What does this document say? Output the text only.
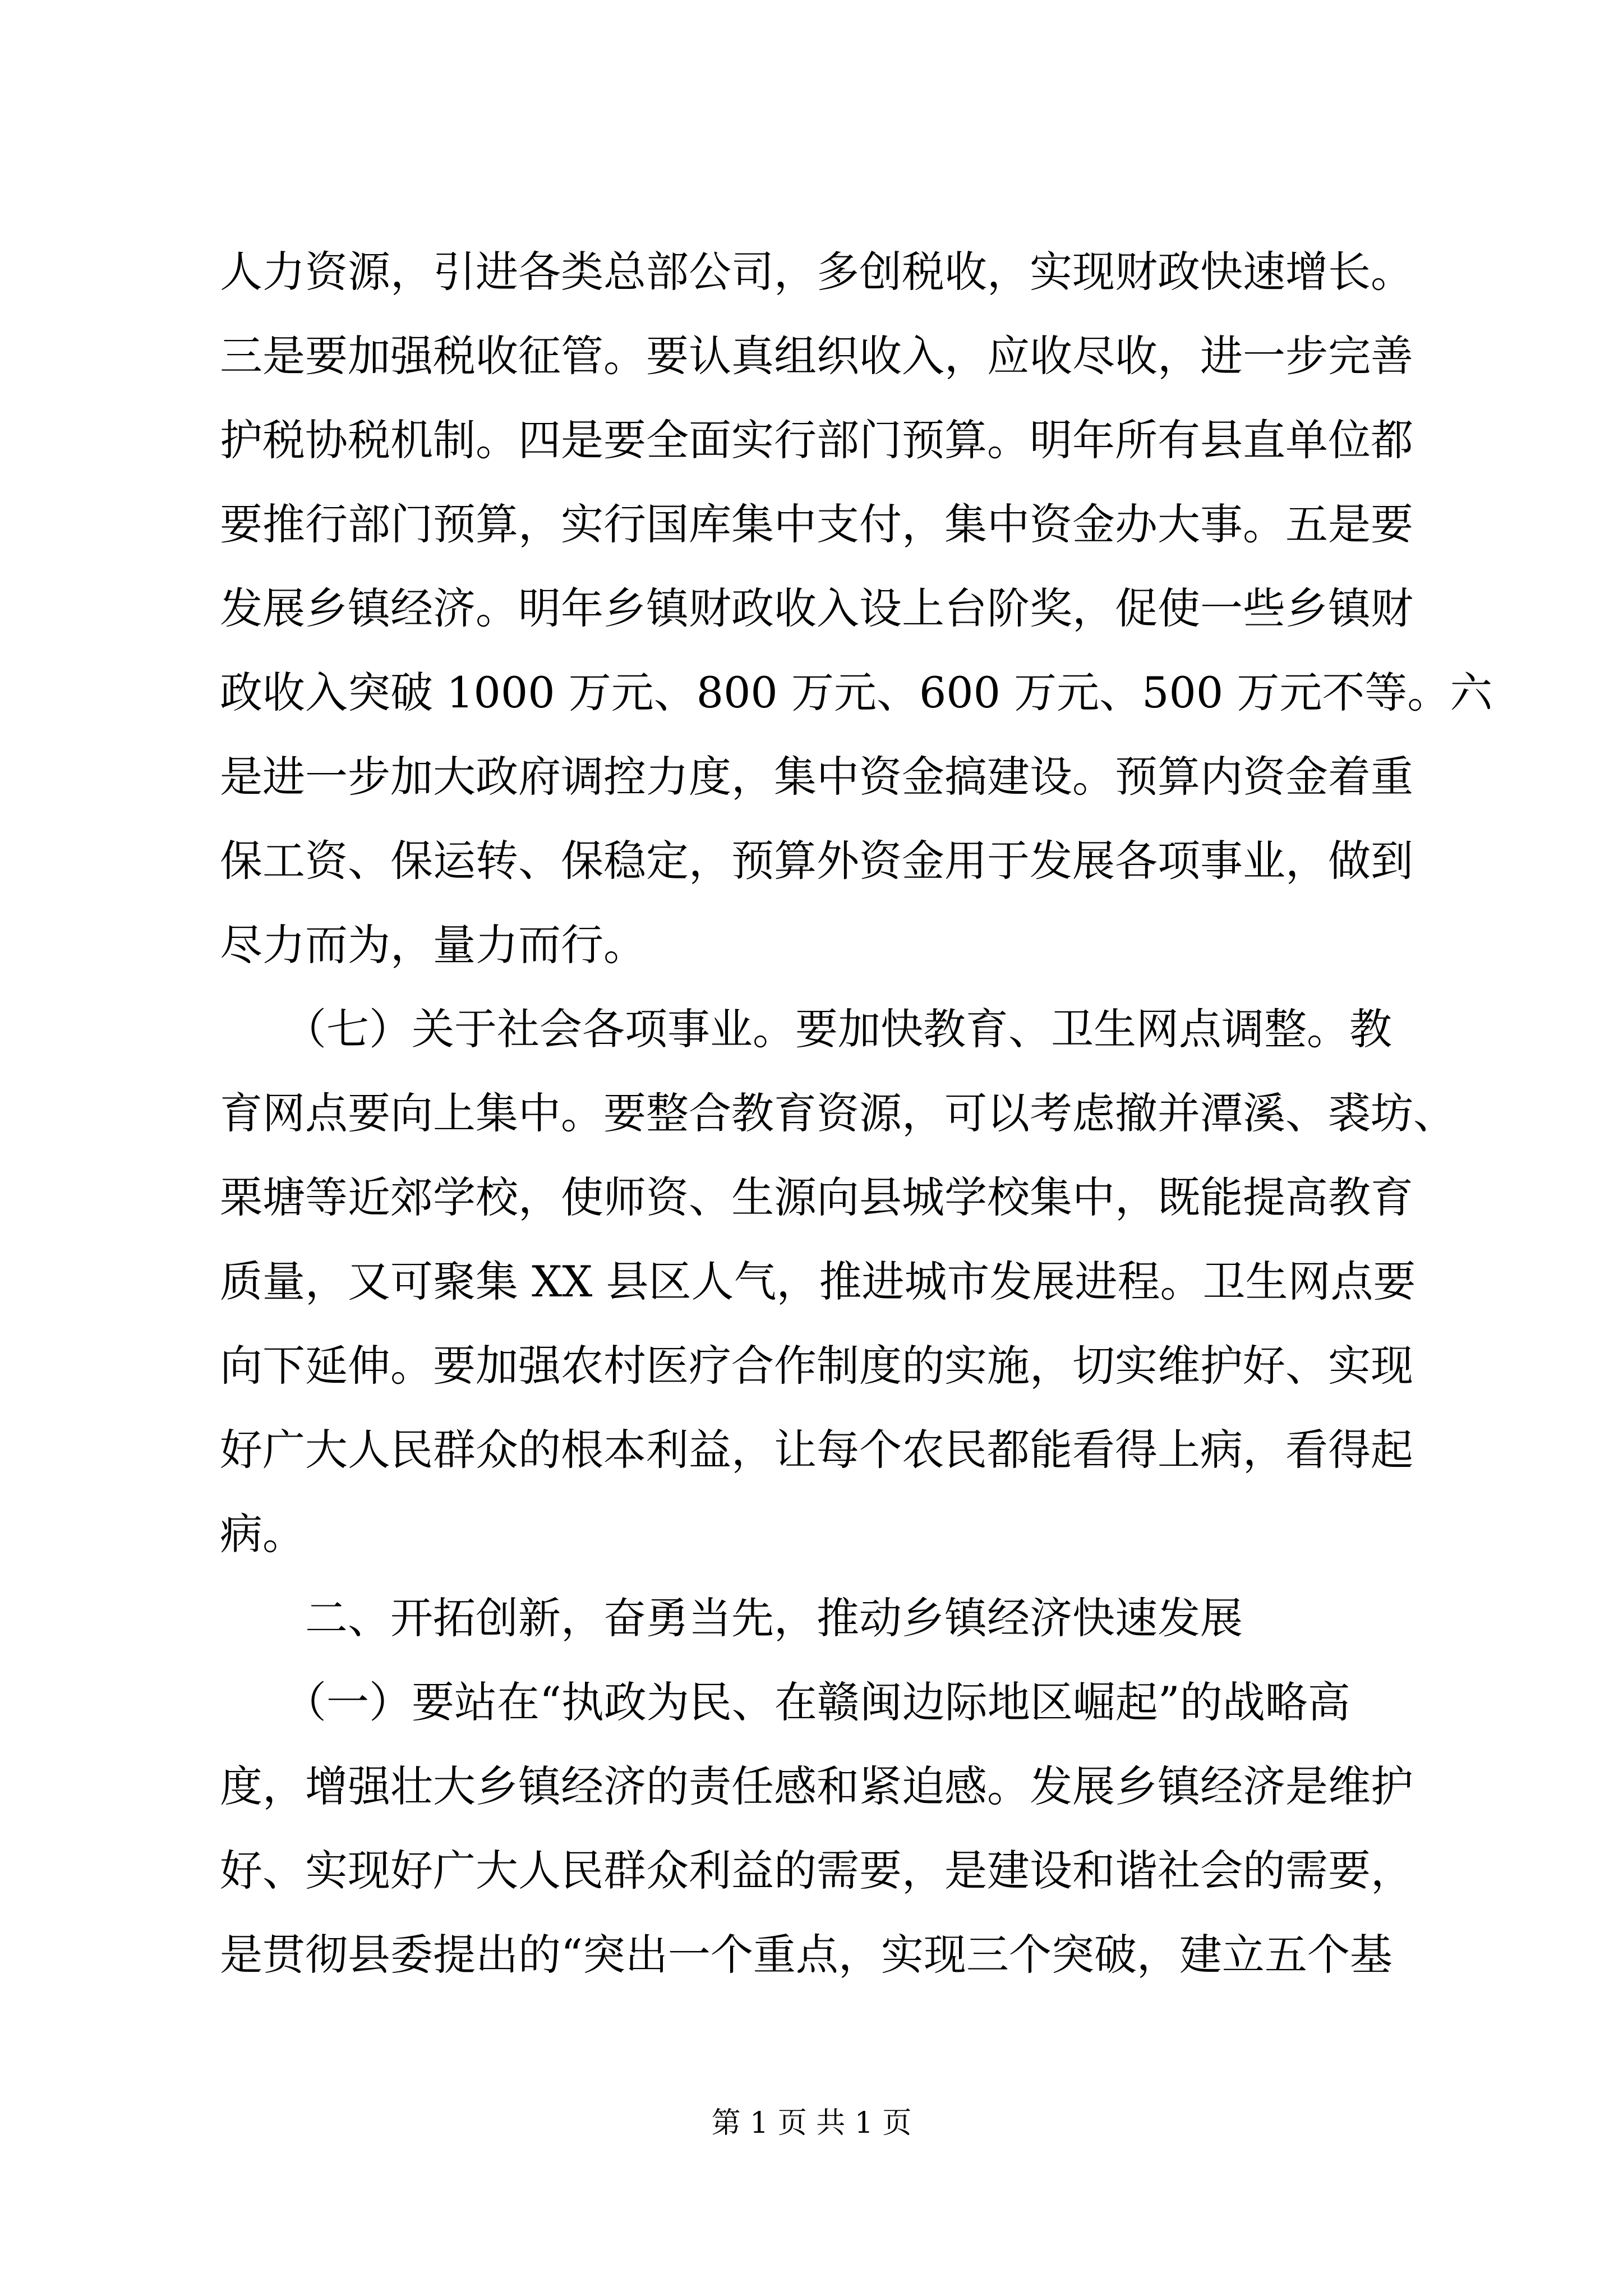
人力资源，引进各类总部公司，多创税收，实现财政快速增长。
三是要加强税收征管。要认真组织收入，应收尽收，进一步完善
护税协税机制。四是要全面实行部门预算。明年所有县直单位都
要推行部门预算，实行国库集中支付，集中资金办大事。五是要
发展乡镇经济。明年乡镇财政收入设上台阶奖，促使一些乡镇财
政收入突破 1000 万元、800 万元、600 万元、500 万元不等。六
是进一步加大政府调控力度，集中资金搞建设。预算内资金着重
保工资、保运转、保稳定，预算外资金用于发展各项事业，做到
尽力而为，量力而行。
　　（七）关于社会各项事业。要加快教育、卫生网点调整。教
育网点要向上集中。要整合教育资源，可以考虑撤并潭溪、裘坊、
栗塘等近郊学校，使师资、生源向县城学校集中，既能提高教育
质量，又可聚集 XX 县区人气，推进城市发展进程。卫生网点要
向下延伸。要加强农村医疗合作制度的实施，切实维护好、实现
好广大人民群众的根本利益，让每个农民都能看得上病，看得起
病。
　　二、开拓创新，奋勇当先，推动乡镇经济快速发展
　　（一）要站在“执政为民、在赣闽边际地区崛起”的战略高
度，增强壮大乡镇经济的责任感和紧迫感。发展乡镇经济是维护
好、实现好广大人民群众利益的需要，是建设和谐社会的需要，
是贯彻县委提出的“突出一个重点，实现三个突破，建立五个基
第 1 页 共 1 页
